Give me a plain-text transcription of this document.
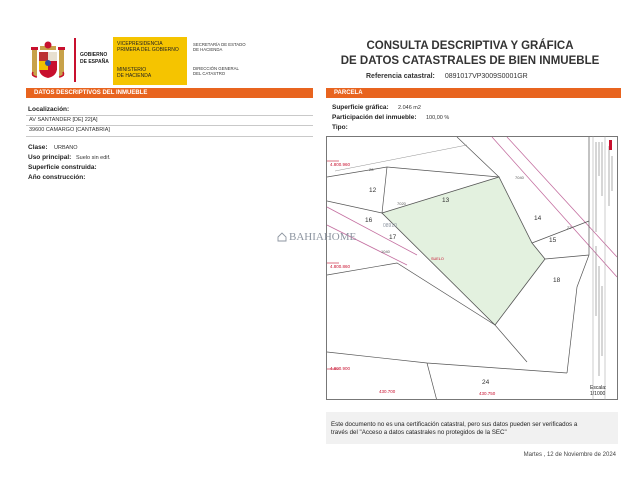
GOBIERNO
DE ESPAÑA
VICEPRESIDENCIA
PRIMERA DEL GOBIERNO
MINISTERIO
DE HACIENDA
SECRETARÍA DE ESTADO
DE HACIENDA
DIRECCIÓN GENERAL
DEL CATASTRO
CONSULTA DESCRIPTIVA Y GRÁFICA
DE DATOS CATASTRALES DE BIEN INMUEBLE
Referencia catastral: 0891017VP3009S0001GR
DATOS DESCRIPTIVOS DEL INMUEBLE	PARCELA
Localización:
AV SANTANDER [DE] 22[A]
39600 CAMARGO [CANTABRIA]
Clase: URBANO
Uso principal: Suelo sin edif.
Superficie construida:
Año construcción:
Superficie gráfica: 2.046 m2
Participación del inmueble: 100,00 %
Tipo:
12
13
14
15
16
17
18
24
4.800.960
4.800.860
4.800.900
430.700	430.750
28
7020
7040
1040
08910
SUELO
22
Escala:
1/1000
BAHIAHOME
Este documento no es una certificación catastral, pero sus datos pueden ser verificados a
través del "Acceso a datos catastrales no protegidos de la SEC"
Martes , 12 de Noviembre de 2024
